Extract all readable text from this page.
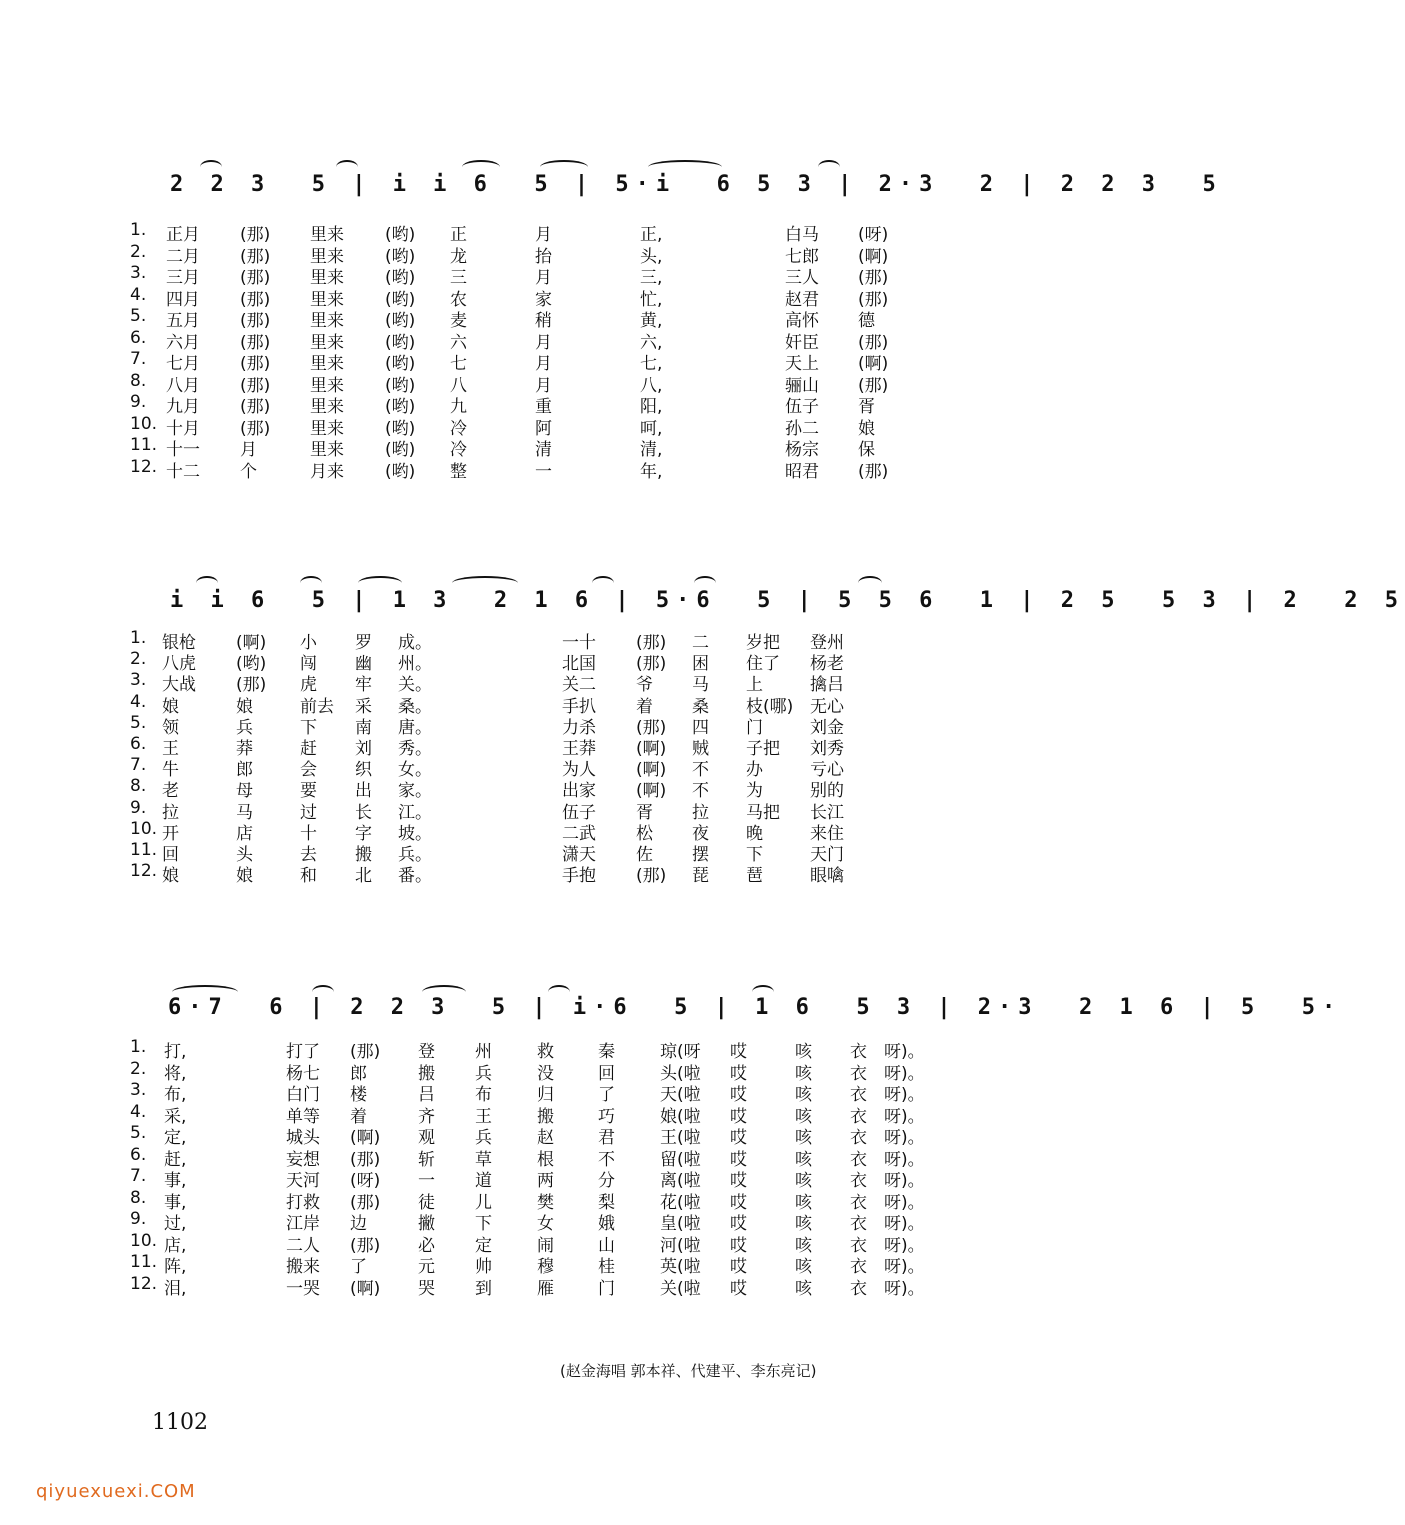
2 2 3  5 | i i 6  5 | 5·i  6 5 3 | 2·3  2 | 2 2 3  5
1.	正月 (那) 里来 (哟) 正	月	正,	白马 (呀)
2.	二月 (那) 里来 (哟) 龙	抬	头,	七郎 (啊)
3.	三月 (那) 里来 (哟) 三	月	三,	三人 (那)
4.	四月 (那) 里来 (哟) 农	家	忙,	赵君 (那)
5.	五月 (那) 里来 (哟) 麦	稍	黄,	高怀 德
6.	六月 (那) 里来 (哟) 六	月	六,	奸臣 (那)
7.	七月 (那) 里来 (哟) 七	月	七,	天上 (啊)
8.	八月 (那) 里来 (哟) 八	月	八,	骊山 (那)
9.	九月 (那) 里来 (哟) 九	重	阳,	伍子 胥
10. 十月 (那) 里来 (哟) 冷	阿	呵,	孙二 娘
11. 十一 月	里来 (哟) 冷	清	清,	杨宗 保
12. 十二 个	月来 (哟) 整	一	年,	昭君 (那)
i i 6  5 | 1 3  2 1 6 | 5·6  5 | 5 5 6  1 | 2 5  5 3 | 2  2 5
1. 银枪 (啊) 小 罗 成。	一十 (那) 二 岁把 登州
2. 八虎 (哟) 闯 幽 州。	北国 (那) 困 住了 杨老
3. 大战 (那) 虎 牢 关。	关二 爷 马 上	擒吕
4. 娘	娘	前去 采 桑。	手扒 着 桑 枝(哪) 无心
5. 领	兵	下 南 唐。	力杀 (那) 四 门	刘金
6. 王	莽	赶 刘 秀。	王莽 (啊) 贼 子把 刘秀
7. 牛	郎	会 织 女。	为人 (啊) 不 办	亏心
8. 老	母	要 出 家。	出家 (啊) 不 为	别的
9. 拉	马	过 长 江。	伍子 胥 拉 马把 长江
10. 开	店	十 字 坡。	二武 松 夜 晚	来住
11. 回	头	去 搬 兵。	潇天 佐 摆 下	天门
12. 娘	娘	和 北 番。	手抱 (那) 琵 琶	眼噙
6·7  6 | 2 2 3  5 | i·6  5 | 1 6  5 3 | 2·3  2 1 6 | 5  5·
1.	打,	打了 (那) 登 州	救	秦	琼(呀 哎	咳 衣 呀)。
2.	将,	杨七 郎	搬 兵	没	回	头(啦 哎	咳 衣 呀)。
3.	布,	白门 楼	吕 布	归	了	天(啦 哎	咳 衣 呀)。
4.	采,	单等 着	齐 王	搬	巧	娘(啦 哎	咳 衣 呀)。
5.	定,	城头 (啊) 观 兵	赵	君	王(啦 哎	咳 衣 呀)。
6.	赶,	妄想 (那) 斩 草	根	不	留(啦 哎	咳 衣 呀)。
7.	事,	天河 (呀) 一 道	两	分	离(啦 哎	咳 衣 呀)。
8.	事,	打救 (那) 徒 儿	樊	梨	花(啦 哎	咳 衣 呀)。
9.	过,	江岸 边	撇 下	女	娥	皇(啦 哎	咳 衣 呀)。
10. 店,	二人 (那) 必 定	闹	山	河(啦 哎	咳 衣 呀)。
11. 阵,	搬来 了	元 帅	穆	桂	英(啦 哎	咳 衣 呀)。
12. 泪,	一哭 (啊) 哭 到	雁	门	关(啦 哎	咳 衣 呀)。
(赵金海唱 郭本祥、代建平、李东亮记)
1102
qiyuexuexi.COM
